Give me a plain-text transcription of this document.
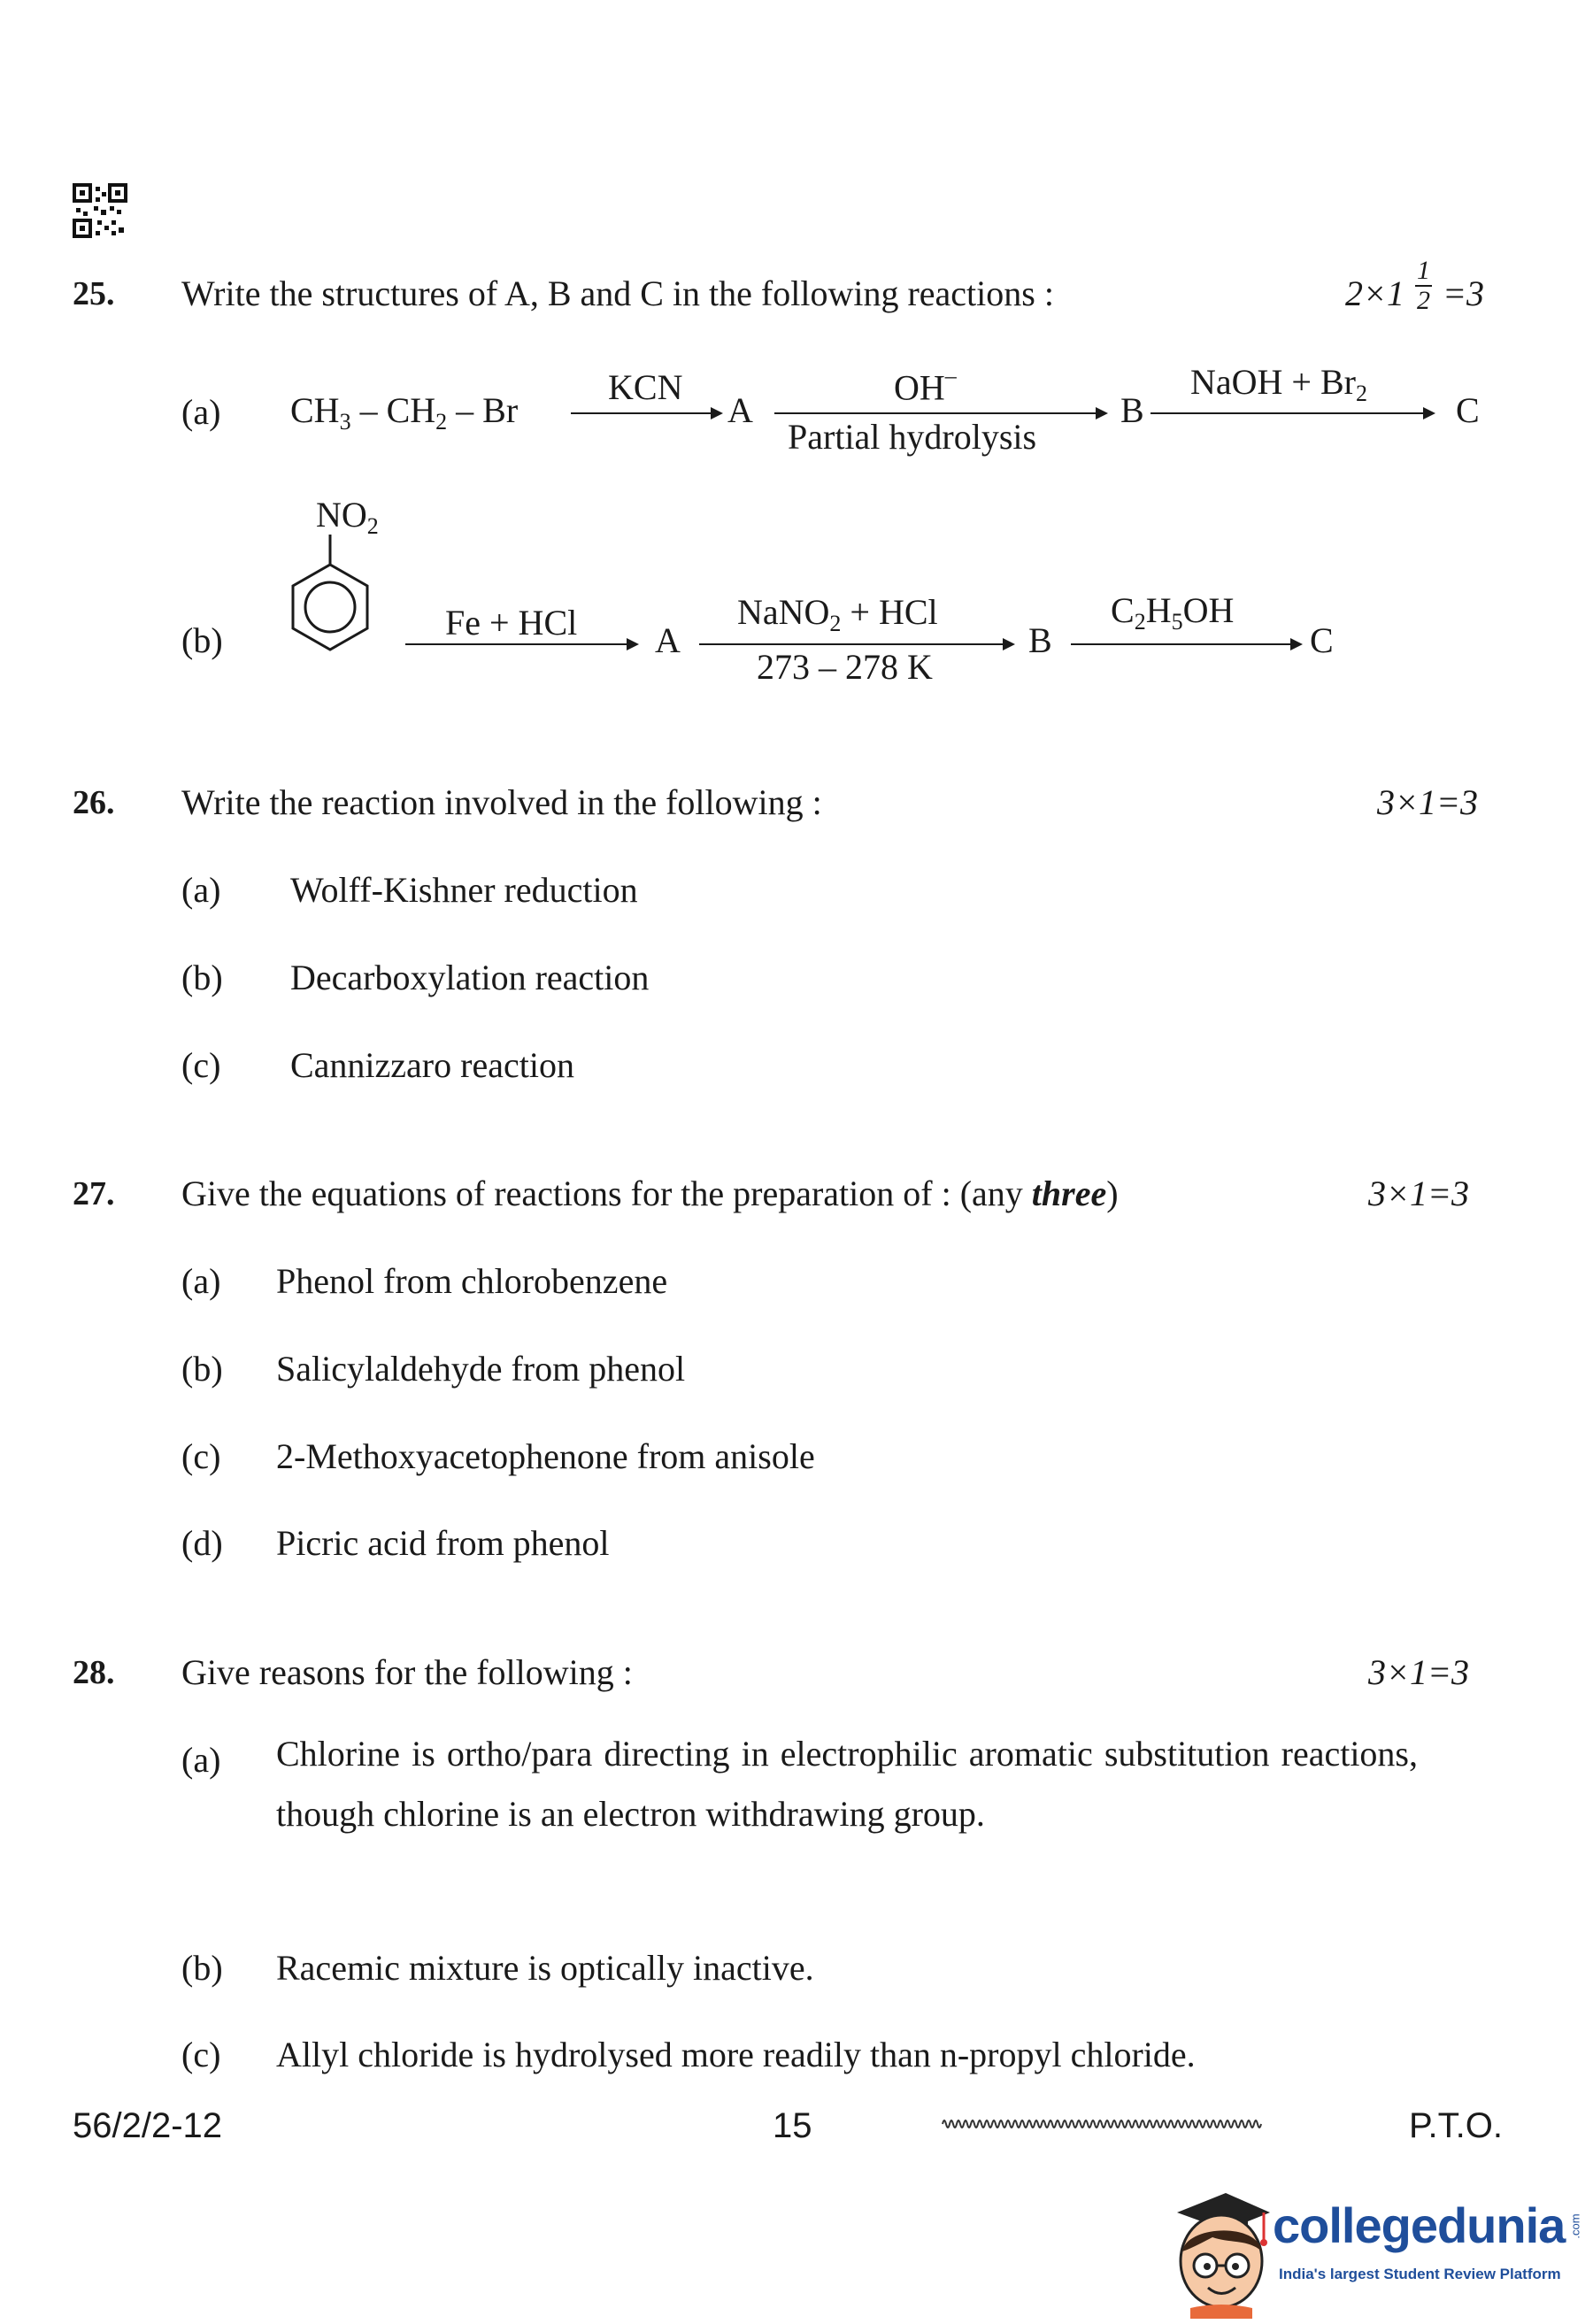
25. Write the structures of A, B and C in the following reactions :	$2\times 1 \frac{1}{2} =3$
(a) $CH_3 - CH_2$ – Br
KCN
A
OH–
Partial hydrolysis
B
NaOH + $Br_2$	C
$NO_2$
(b)	Fe + HCl A
NaNO$_2$ + HCl
273 – 278 K
B
$C_2H_5OH$
C
26. Write the reaction involved in the following :	3×1=3
(a) Wolff-Kishner reduction
(b) Decarboxylation reaction
(c) Cannizzaro reaction
27. Give the equations of reactions for the preparation of : (any three)	3×1=3
(a) Phenol from chlorobenzene
(b) Salicylaldehyde from phenol
(c) 2-Methoxyacetophenone from anisole
(d) Picric acid from phenol
28. Give reasons for the following :	3×1=3
(a) Chlorine is ortho/para directing in electrophilic aromatic substitution reactions, though chlorine is an electron withdrawing group.
(b) Racemic mixture is optically inactive.
(c) Allyl chloride is hydrolysed more readily than n-propyl chloride.
56/2/2-12	15	P.T.O.
collegedunia .com
India's largest Student Review Platform
